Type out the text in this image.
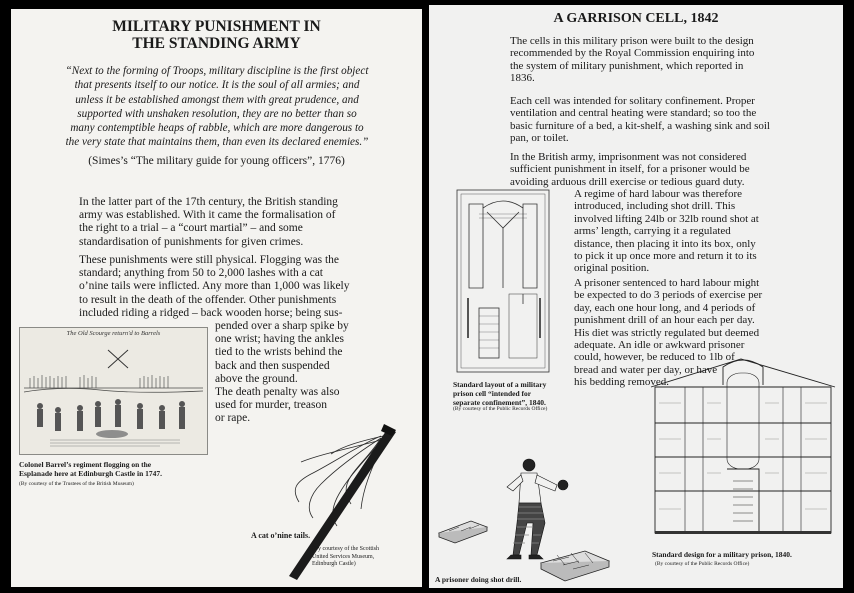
MILITARY PUNISHMENT IN
THE STANDING ARMY
“Next to the forming of Troops, military discipline is the first object
that presents itself to our notice. It is the soul of all armies; and
unless it be established amongst them with great prudence, and
supported with unshaken resolution, they are no better than so
many contemptible heaps of rabble, which are more dangerous to
the very state that maintains them, than even its declared enemies.”
(Simes’s “The military guide for young officers”, 1776)
In the latter part of the 17th century, the British standing
army was established. With it came the formalisation of
the right to a trial – a “court martial” – and some
standardisation of punishments for given crimes.
These punishments were still physical. Flogging was the
standard; anything from 50 to 2,000 lashes with a cat
o’nine tails were inflicted. Any more than 1,000 was likely
to result in the death of the offender. Other punishments
included riding a ridged – back wooden horse; being sus-
pended over a sharp spike by
one wrist; having the ankles
tied to the wrists behind the
back and then suspended
above the ground.
The death penalty was also
used for murder, treason
or rape.
The Old Scourge return'd to Barrels
Colonel Barrel’s regiment flogging on the
Esplanade here at Edinburgh Castle in 1747.
(By courtesy of the Trustees of the British Museum)
A cat o’nine tails.
(By courtesy of the Scottish
United Services Museum,
Edinburgh Castle)
A GARRISON CELL, 1842
The cells in this military prison were built to the design
recommended by the Royal Commission enquiring into
the system of military punishment, which reported in
1836.
Each cell was intended for solitary confinement. Proper
ventilation and central heating were standard; so too the
basic furniture of a bed, a kit-shelf, a washing sink and soil
pan, or toilet.
In the British army, imprisonment was not considered
sufficient punishment in itself, for a prisoner would be
avoiding arduous drill exercise or tedious guard duty.
A regime of hard labour was therefore
introduced, including shot drill. This
involved lifting 24lb or 32lb round shot at
arms’ length, carrying it a regulated
distance, then placing it into its box, only
to pick it up once more and return it to its
original position.
A prisoner sentenced to hard labour might
be expected to do 3 periods of exercise per
day, each one hour long, and 4 periods of
punishment drill of an hour each per day.
His diet was strictly regulated but deemed
adequate. An idle or awkward prisoner
could, however, be reduced to 1lb of
bread and water per day, or have
his bedding removed.
Standard layout of a military
prison cell “intended for
separate confinement”, 1840.
(By courtesy of the Public Records Office)
Standard design for a military prison, 1840.
(By courtesy of the Public Records Office)
A prisoner doing shot drill.
